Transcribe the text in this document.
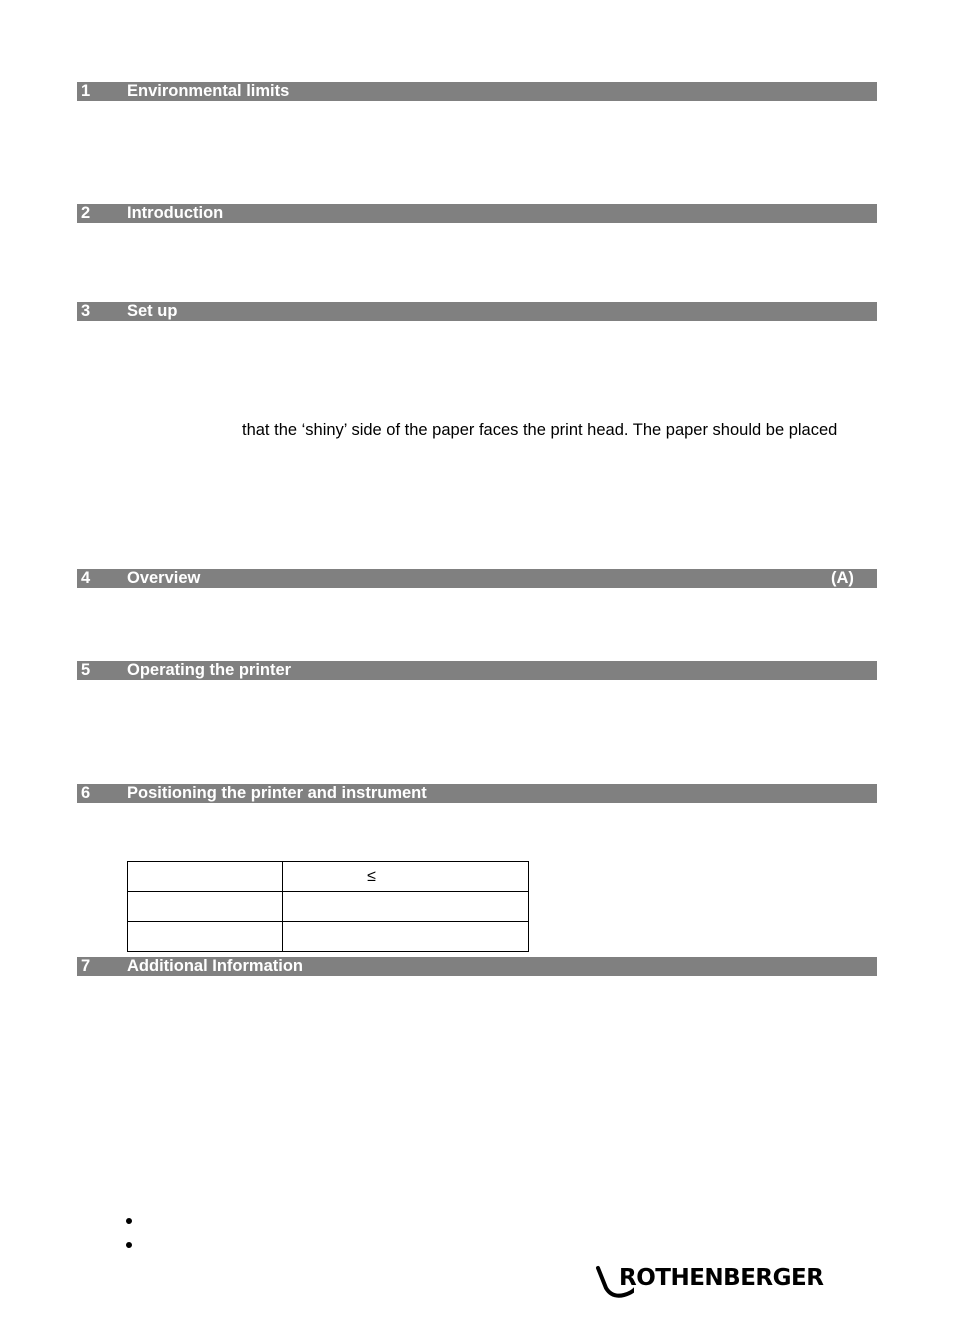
1 Environmental limits
2 Introduction
3 Set up
that the ‘shiny’ side of the paper faces the print head. The paper should be placed
4 Overview	(A)
5 Operating the printer
6 Positioning the printer and instrument
	≤

7 Additional Information
ROTHENBERGER
